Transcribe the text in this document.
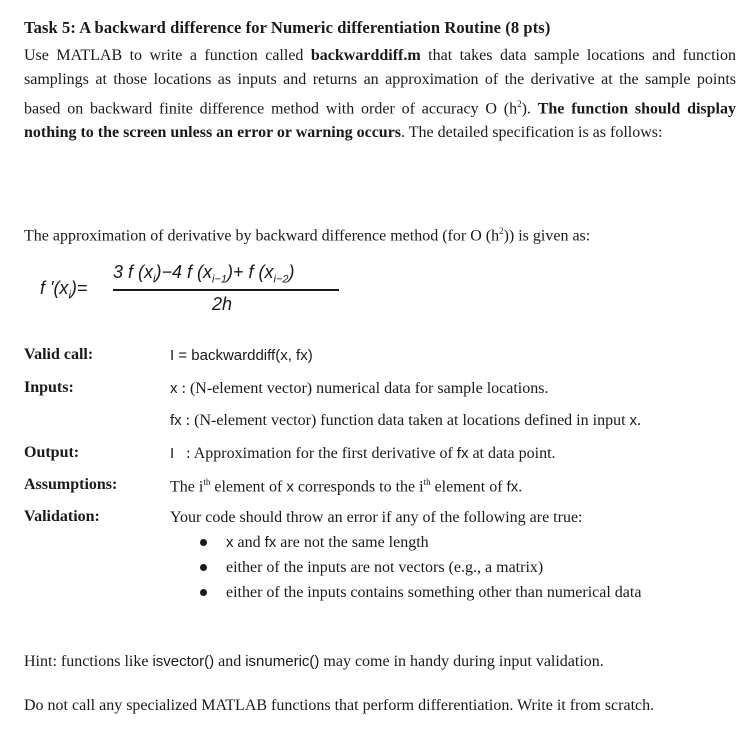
Task 5: A backward difference for Numeric differentiation Routine (8 pts)
Use MATLAB to write a function called backwarddiff.m that takes data sample locations and function samplings at those locations as inputs and returns an approximation of the derivative at the sample points based on backward finite difference method with order of accuracy O $(h^2)$. The function should display nothing to the screen unless an error or warning occurs. The detailed specification is as follows:
The approximation of derivative by backward difference method (for O $(h^2)$) is given as:
f '$(x_i)=$
3 f $(x_i)-4$ f $(x_{i-1})+ f$ $(x_{i-2})$
2h
Valid call:	I = backwarddiff(x, fx)
Inputs:	x : (N-element vector) numerical data for sample locations.
fx : (N-element vector) function data taken at locations defined in input x.
Output:	I   : Approximation for the first derivative of fx at data point.
Assumptions:	The $i^{th}$ element of x corresponds to the $i^{th}$ element of fx.
Validation:	Your code should throw an error if any of the following are true:
x and fx are not the same length
either of the inputs are not vectors (e.g., a matrix)
either of the inputs contains something other than numerical data
Hint: functions like isvector() and isnumeric() may come in handy during input validation.
Do not call any specialized MATLAB functions that perform differentiation. Write it from scratch.
